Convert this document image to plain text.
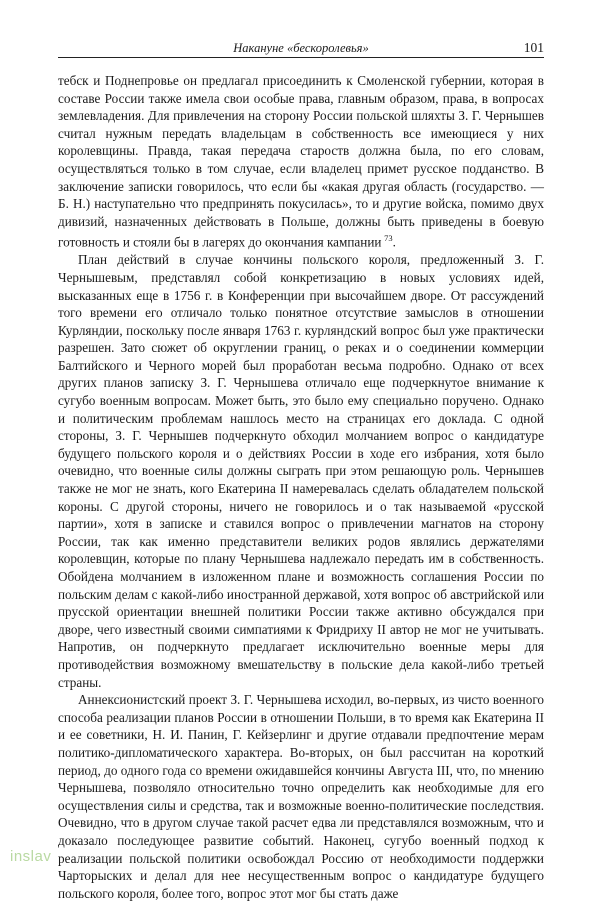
Накануне «бескоролевья»	101

тебск и Поднепровье он предлагал присоединить к Смоленской губернии, которая в составе России также имела свои особые права, главным образом, права, в вопросах землевладения. Для привлечения на сторону России польской шляхты З. Г. Чернышев считал нужным передать владельцам в собственность все имеющиеся у них королевщины. Правда, такая передача староств должна была, по его словам, осуществляться только в том случае, если владелец примет русское подданство. В заключение записки говорилось, что если бы «какая другая область (государство. — Б. Н.) наступательно что предпринять покусилась», то и другие войска, помимо двух дивизий, назначенных действовать в Польше, должны быть приведены в боевую готовность и стояли бы в лагерях до окончания кампании  $^{73}$.

План действий в случае кончины польского короля, предложенный З. Г. Чернышевым, представлял собой конкретизацию в новых условиях идей, высказанных еще в 1756 г. в Конференции при высочайшем дворе. От рассуждений того времени его отличало только понятное отсутствие замыслов в отношении Курляндии, поскольку после января 1763 г. курляндский вопрос был уже практически разрешен. Зато сюжет об округлении границ, о реках и о соединении коммерции Балтийского и Черного морей был проработан весьма подробно. Однако от всех других планов записку З. Г. Чернышева отличало еще подчеркнутое внимание к сугубо военным вопросам. Может быть, это было ему специально поручено. Однако и политическим проблемам нашлось место на страницах его доклада. С одной стороны, З. Г. Чернышев подчеркнуто обходил молчанием вопрос о кандидатуре будущего польского короля и о действиях России в ходе его избрания, хотя было очевидно, что военные силы должны сыграть при этом решающую роль. Чернышев также не мог не знать, кого Екатерина II намеревалась сделать обладателем польской короны. С другой стороны, ничего не говорилось и о так называемой «русской партии», хотя в записке и ставился вопрос о привлечении магнатов на сторону России, так как именно представители великих родов являлись держателями королевщин, которые по плану Чернышева надлежало передать им в собственность. Обойдена молчанием в изложенном плане и возможность соглашения России по польским делам с какой-либо иностранной державой, хотя вопрос об австрийской или прусской ориентации внешней политики России также активно обсуждался при дворе, чего известный своими симпатиями к Фридриху II автор не мог не учитывать. Напротив, он подчеркнуто предлагает исключительно военные меры для противодействия возможному вмешательству в польские дела какой-либо третьей страны.

Аннексионистский проект З. Г. Чернышева исходил, во-первых, из чисто военного способа реализации планов России в отношении Польши, в то время как Екатерина II и ее советники, Н. И. Панин, Г. Кейзерлинг и другие отдавали предпочтение мерам политико-дипломатического характера. Во-вторых, он был рассчитан на короткий период, до одного года со времени ожидавшейся кончины Августа III, что, по мнению Чернышева, позволяло относительно точно определить как необходимые для его осуществления силы и средства, так и возможные военно-политические последствия. Очевидно, что в другом случае такой расчет едва ли представлялся возможным, что и доказало последующее развитие событий. Наконец, сугубо военный подход к реализации польской политики освобождал Россию от необходимости поддержки Чарторыских и делал для нее несущественным вопрос о кандидатуре будущего польского короля, более того, вопрос этот мог бы стать даже

inslav
